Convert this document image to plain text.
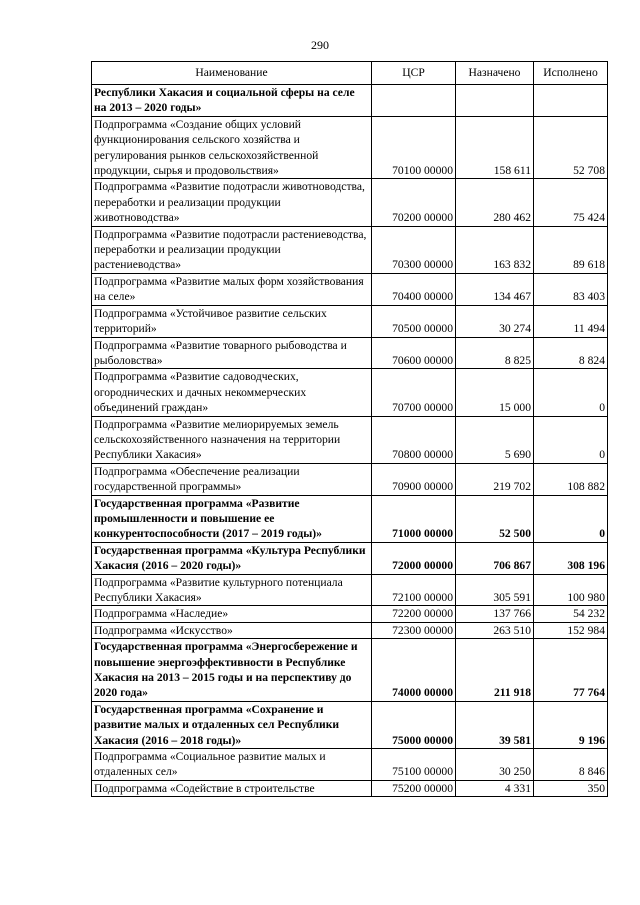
290
Наименование	ЦСР	Назначено	Исполнено
Республики Хакасия и социальной сферы на селе на 2013 – 2020 годы»			
Подпрограмма «Создание общих условий функционирования сельского хозяйства и регулирования рынков сельскохозяйственной продукции, сырья и продовольствия»	70100 00000	158 611	52 708
Подпрограмма «Развитие подотрасли животноводства, переработки и реализации продукции животноводства»	70200 00000	280 462	75 424
Подпрограмма «Развитие подотрасли растениеводства, переработки и реализации продукции растениеводства»	70300 00000	163 832	89 618
Подпрограмма «Развитие малых форм хозяйствования на селе»	70400 00000	134 467	83 403
Подпрограмма «Устойчивое развитие сельских территорий»	70500 00000	30 274	11 494
Подпрограмма «Развитие товарного рыбоводства и рыболовства»	70600 00000	8 825	8 824
Подпрограмма «Развитие садоводческих, огороднических и дачных некоммерческих объединений граждан»	70700 00000	15 000	0
Подпрограмма «Развитие мелиорируемых земель сельскохозяйственного назначения на территории Республики Хакасия»	70800 00000	5 690	0
Подпрограмма «Обеспечение реализации государственной программы»	70900 00000	219 702	108 882
Государственная программа «Развитие промышленности и повышение ее конкурентоспособности (2017 – 2019 годы)»	71000 00000	52 500	0
Государственная программа «Культура Республики Хакасия (2016 – 2020 годы)»	72000 00000	706 867	308 196
Подпрограмма «Развитие культурного потенциала Республики Хакасия»	72100 00000	305 591	100 980
Подпрограмма «Наследие»	72200 00000	137 766	54 232
Подпрограмма «Искусство»	72300 00000	263 510	152 984
Государственная программа «Энергосбережение и повышение энергоэффективности в Республике Хакасия на 2013 – 2015 годы и на перспективу до 2020 года»	74000 00000	211 918	77 764
Государственная программа «Сохранение и развитие малых и отдаленных сел Республики Хакасия (2016 – 2018 годы)»	75000 00000	39 581	9 196
Подпрограмма «Социальное развитие малых и отдаленных сел»	75100 00000	30 250	8 846
Подпрограмма «Содействие в строительстве	75200 00000	4 331	350
